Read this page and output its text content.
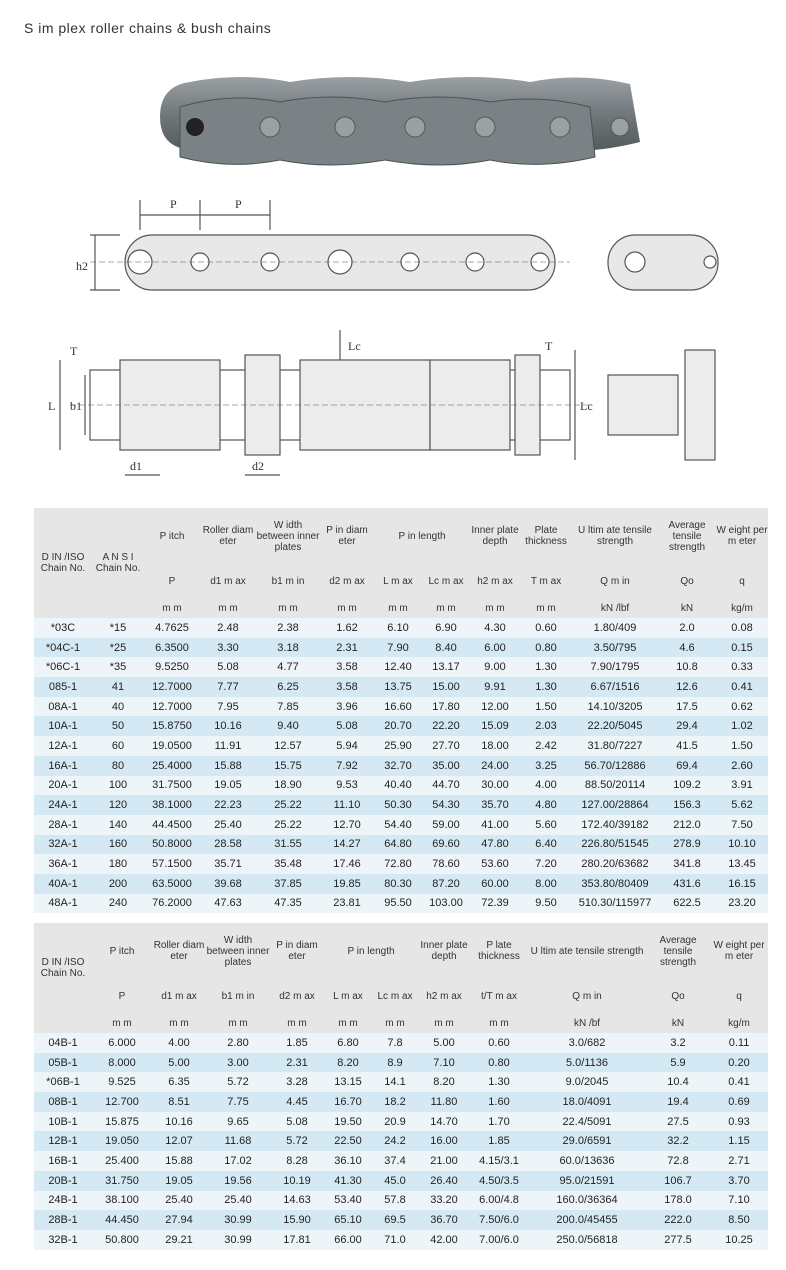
S im plex roller chains & bush chains
P	P
h2
T
L b1
Lc	T
Lc
d1	d2
D IN /ISO Chain No.	A N S I Chain No.	P itch	Roller diam eter	W idth between inner plates	P in diam eter	P in length		Inner plate depth	Plate thickness	U ltim ate tensile strength	Average tensile strength	W eight per m eter
		P	d1 m ax	b1 m in	d2 m ax	L m ax	Lc m ax	h2 m ax	T m ax	Q m in	Qo	q
		m m	m m	m m	m m	m m	m m	m m	m m	kN /lbf	kN	kg/m
*03C	*15	4.7625	2.48	2.38	1.62	6.10	6.90	4.30	0.60	1.80/409	2.0	0.08
*04C-1	*25	6.3500	3.30	3.18	2.31	7.90	8.40	6.00	0.80	3.50/795	4.6	0.15
*06C-1	*35	9.5250	5.08	4.77	3.58	12.40	13.17	9.00	1.30	7.90/1795	10.8	0.33
085-1	41	12.7000	7.77	6.25	3.58	13.75	15.00	9.91	1.30	6.67/1516	12.6	0.41
08A-1	40	12.7000	7.95	7.85	3.96	16.60	17.80	12.00	1.50	14.10/3205	17.5	0.62
10A-1	50	15.8750	10.16	9.40	5.08	20.70	22.20	15.09	2.03	22.20/5045	29.4	1.02
12A-1	60	19.0500	11.91	12.57	5.94	25.90	27.70	18.00	2.42	31.80/7227	41.5	1.50
16A-1	80	25.4000	15.88	15.75	7.92	32.70	35.00	24.00	3.25	56.70/12886	69.4	2.60
20A-1	100	31.7500	19.05	18.90	9.53	40.40	44.70	30.00	4.00	88.50/20114	109.2	3.91
24A-1	120	38.1000	22.23	25.22	11.10	50.30	54.30	35.70	4.80	127.00/28864	156.3	5.62
28A-1	140	44.4500	25.40	25.22	12.70	54.40	59.00	41.00	5.60	172.40/39182	212.0	7.50
32A-1	160	50.8000	28.58	31.55	14.27	64.80	69.60	47.80	6.40	226.80/51545	278.9	10.10
36A-1	180	57.1500	35.71	35.48	17.46	72.80	78.60	53.60	7.20	280.20/63682	341.8	13.45
40A-1	200	63.5000	39.68	37.85	19.85	80.30	87.20	60.00	8.00	353.80/80409	431.6	16.15
48A-1	240	76.2000	47.63	47.35	23.81	95.50	103.00	72.39	9.50	510.30/115977	622.5	23.20
D IN /ISO Chain No.	P itch	Roller diam eter	W idth between inner plates	P in diam eter	P in length		Inner plate depth	P late thickness	U ltim ate tensile strength	Average tensile strength	W eight per m eter
	P	d1 m ax	b1 m in	d2 m ax	L m ax	Lc m ax	h2 m ax	t/T m ax	Q m in	Qo	q
	m m	m m	m m	m m	m m	m m	m m	m m	kN /bf	kN	kg/m
04B-1	6.000	4.00	2.80	1.85	6.80	7.8	5.00	0.60	3.0/682	3.2	0.11
05B-1	8.000	5.00	3.00	2.31	8.20	8.9	7.10	0.80	5.0/1136	5.9	0.20
*06B-1	9.525	6.35	5.72	3.28	13.15	14.1	8.20	1.30	9.0/2045	10.4	0.41
08B-1	12.700	8.51	7.75	4.45	16.70	18.2	11.80	1.60	18.0/4091	19.4	0.69
10B-1	15.875	10.16	9.65	5.08	19.50	20.9	14.70	1.70	22.4/5091	27.5	0.93
12B-1	19.050	12.07	11.68	5.72	22.50	24.2	16.00	1.85	29.0/6591	32.2	1.15
16B-1	25.400	15.88	17.02	8.28	36.10	37.4	21.00	4.15/3.1	60.0/13636	72.8	2.71
20B-1	31.750	19.05	19.56	10.19	41.30	45.0	26.40	4.50/3.5	95.0/21591	106.7	3.70
24B-1	38.100	25.40	25.40	14.63	53.40	57.8	33.20	6.00/4.8	160.0/36364	178.0	7.10
28B-1	44.450	27.94	30.99	15.90	65.10	69.5	36.70	7.50/6.0	200.0/45455	222.0	8.50
32B-1	50.800	29.21	30.99	17.81	66.00	71.0	42.00	7.00/6.0	250.0/56818	277.5	10.25
